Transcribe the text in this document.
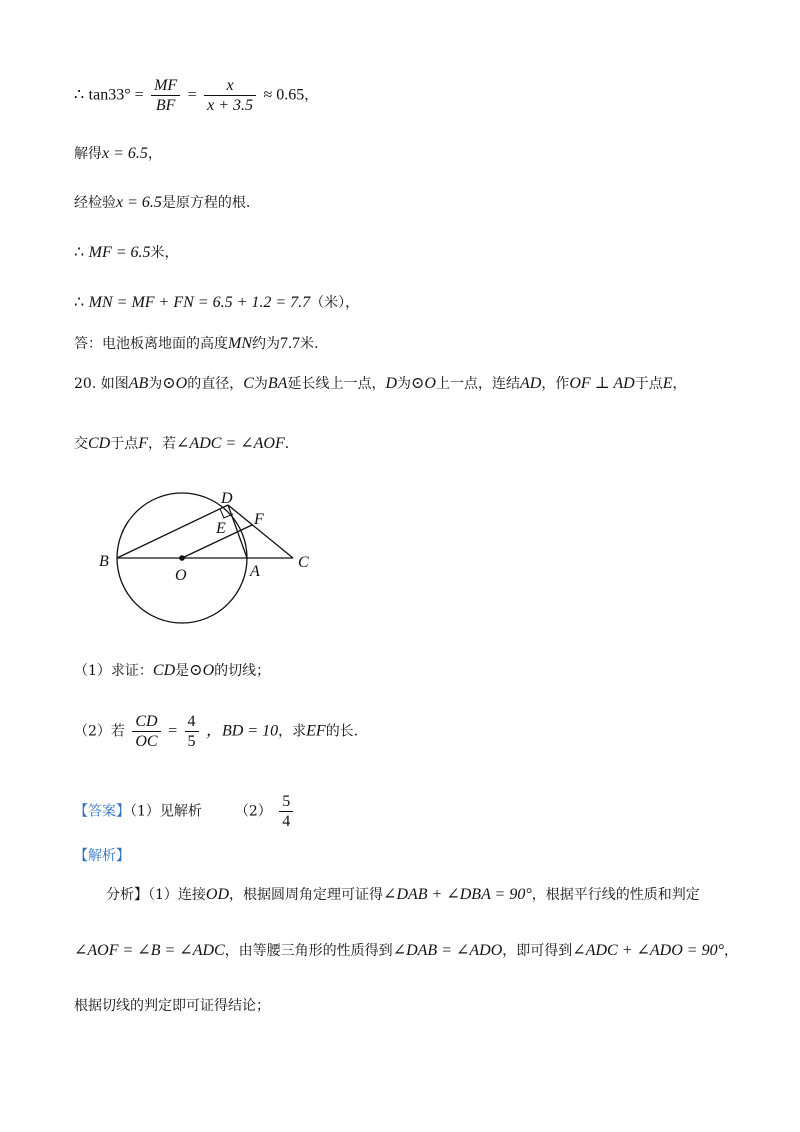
∴ $\tan 33^\circ = \frac{MF}{BF} = \frac{x}{x + 3.5} \approx 0.65$，
解得x = 6.5，
经检验x = 6.5是原方程的根.
∴ MF = 6.5米，
∴ MN = MF + FN = 6.5 + 1.2 = 7.7（米），
答：电池板离地面的高度MN约为7.7米.
20. 如图AB为⊙O的直径，C为BA延长线上一点，D为⊙O上一点，连结AD，作OF ⊥ AD于点E，
交CD于点F，若∠ADC = ∠AOF.
B
O	A
C
D
E
F
（1）求证：CD是⊙O的切线；
（2）若 $\frac{CD}{OC} = \frac{4}{5}$ ，BD = 10，求EF的长.
【答案】（1）见解析 $(2) \frac{5}{4}$
【解析】
分析】（1）连接OD，根据圆周角定理可证得∠DAB + ∠DBA = 90°，根据平行线的性质和判定
∠AOF = ∠B = ∠ADC，由等腰三角形的性质得到∠DAB = ∠ADO，即可得到∠ADC + ∠ADO = 90°，
根据切线的判定即可证得结论；
